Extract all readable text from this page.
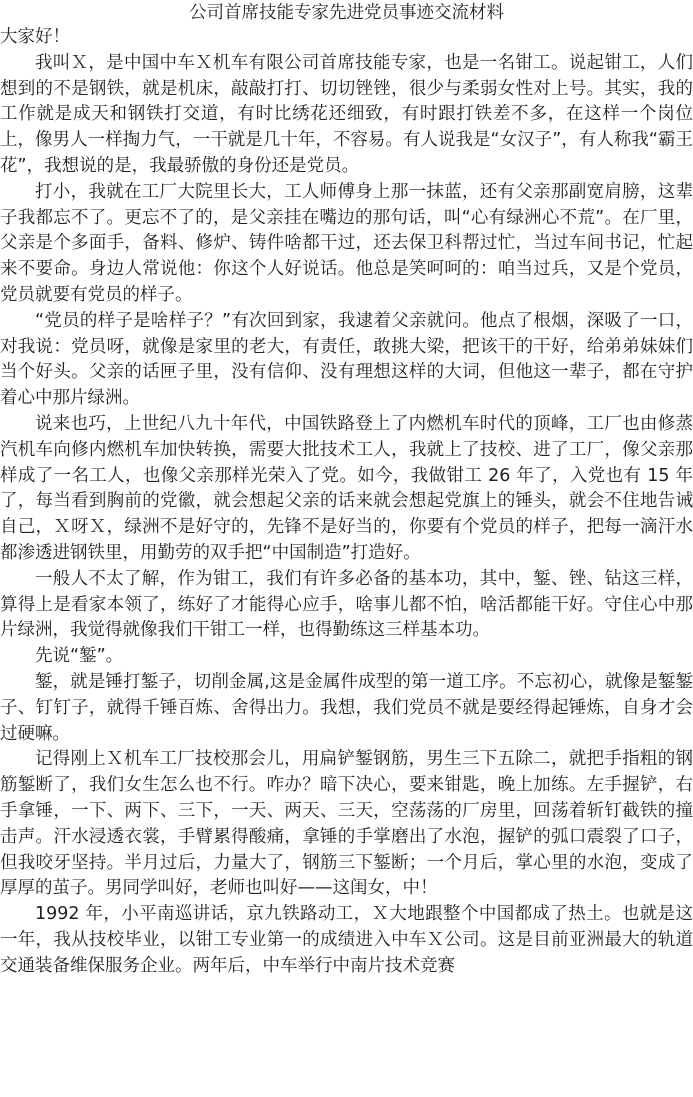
公司首席技能专家先进党员事迹交流材料

大家好！

我叫Ｘ，是中国中车Ｘ机车有限公司首席技能专家，也是一名钳工。说起钳工，人们想到的不是钢铁，就是机床，敲敲打打、切切锉锉，很少与柔弱女性对上号。其实，我的工作就是成天和钢铁打交道，有时比绣花还细致，有时跟打铁差不多，在这样一个岗位上，像男人一样掏力气，一干就是几十年，不容易。有人说我是“女汉子”，有人称我“霸王花”，我想说的是，我最骄傲的身份还是党员。

打小，我就在工厂大院里长大，工人师傅身上那一抹蓝，还有父亲那副宽肩膀，这辈子我都忘不了。更忘不了的，是父亲挂在嘴边的那句话，叫“心有绿洲心不荒”。在厂里，父亲是个多面手，备料、修炉、铸件啥都干过，还去保卫科帮过忙，当过车间书记，忙起来不要命。身边人常说他：你这个人好说话。他总是笑呵呵的：咱当过兵，又是个党员，党员就要有党员的样子。

“党员的样子是啥样子？”有次回到家，我逮着父亲就问。他点了根烟，深吸了一口，对我说：党员呀，就像是家里的老大，有责任，敢挑大梁，把该干的干好，给弟弟妹妹们当个好头。父亲的话匣子里，没有信仰、没有理想这样的大词，但他这一辈子，都在守护着心中那片绿洲。

说来也巧，上世纪八九十年代，中国铁路登上了内燃机车时代的顶峰，工厂也由修蒸汽机车向修内燃机车加快转换，需要大批技术工人，我就上了技校、进了工厂，像父亲那样成了一名工人，也像父亲那样光荣入了党。如今，我做钳工 26 年了，入党也有 15 年了，每当看到胸前的党徽，就会想起父亲的话来就会想起党旗上的锤头，就会不住地告诫自己，Ｘ呀Ｘ，绿洲不是好守的，先锋不是好当的，你要有个党员的样子，把每一滴汗水都渗透进钢铁里，用勤劳的双手把“中国制造”打造好。

一般人不太了解，作为钳工，我们有许多必备的基本功，其中，錾、锉、钻这三样，算得上是看家本领了，练好了才能得心应手，啥事儿都不怕，啥活都能干好。守住心中那片绿洲，我觉得就像我们干钳工一样，也得勤练这三样基本功。

先说“錾”。

錾，就是锤打錾子，切削金属,这是金属件成型的第一道工序。不忘初心，就像是錾錾子、钉钉子，就得千锤百炼、舍得出力。我想，我们党员不就是要经得起锤炼，自身才会过硬嘛。

记得刚上Ｘ机车工厂技校那会儿，用扁铲錾钢筋，男生三下五除二，就把手指粗的钢筋錾断了，我们女生怎么也不行。咋办？暗下决心，要来钳匙，晚上加练。左手握铲，右手拿锤，一下、两下、三下，一天、两天、三天，空荡荡的厂房里，回荡着斩钉截铁的撞击声。汗水浸透衣裳，手臂累得酸痛，拿锤的手掌磨出了水泡，握铲的弧口震裂了口子，但我咬牙坚持。半月过后，力量大了，钢筋三下錾断；一个月后，掌心里的水泡，变成了厚厚的茧子。男同学叫好，老师也叫好——这闺女，中！

1992 年，小平南巡讲话，京九铁路动工，Ｘ大地跟整个中国都成了热土。也就是这一年，我从技校毕业，以钳工专业第一的成绩进入中车Ｘ公司。这是目前亚洲最大的轨道交通装备维保服务企业。两年后，中车举行中南片技术竞赛
